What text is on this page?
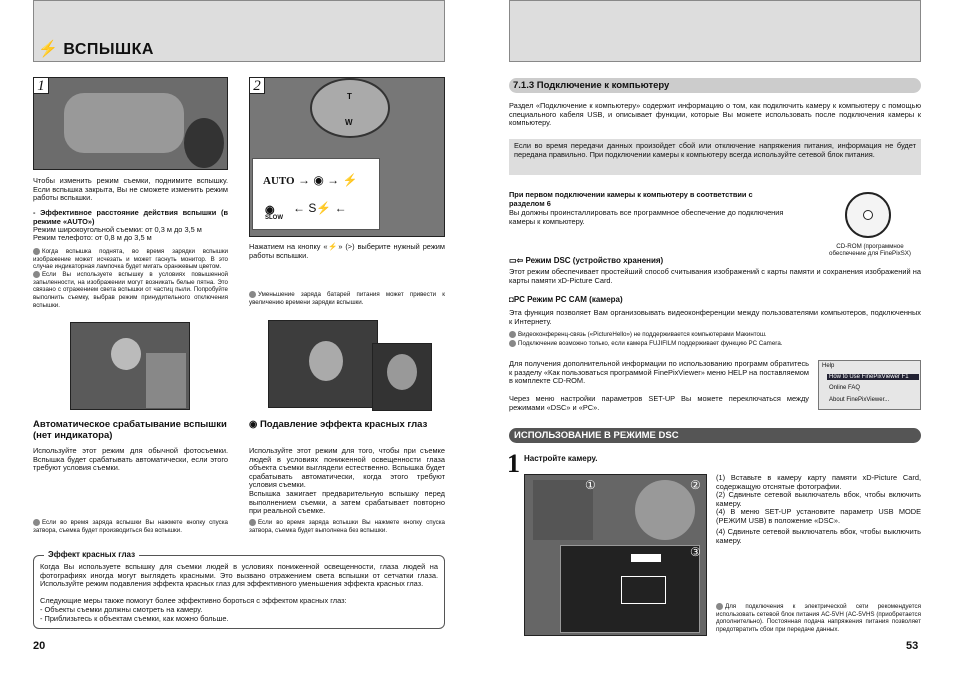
⚡ ВСПЫШКА
1
Чтобы изменить режим съемки, поднимите вспышку. Если вспышка закрыта, Вы не сможете изменить режим работы вспышки.
- Эффективное расстояние действия вспышки (в режиме «AUTO»)
Режим широкоугольной съемки: от 0,3 м до 3,5 м
Режим телефото: от 0,8 м до 3,5 м
Когда вспышка поднята, во время зарядки вспышки изображение может исчезать и может гаснуть монитор. В это случае индикаторная лампочка будет мигать оранжевым цветом.
Если Вы используете вспышку в условиях повышенной запыленности, на изображении могут возникать белые пятна. Это связано с отражением света вспышки от частиц пыли. Попробуйте выполнить съемку, выбрав режим принудительного отключения вспышки.
T
W
AUTO → ◉ → ⚡
◉
SLOW
← S⚡ ←
2
Нажатием на кнопку «⚡» (>) выберите нужный режим работы вспышки.
Уменьшение заряда батарей питания может привести к увеличению времени зарядки вспышки.
Автоматическое срабатывание вспышки (нет индикатора)
Используйте этот режим для обычной фотосъемки. Вспышка будет срабатывать автоматически, если этого требуют условия съемки.
Если во время заряда вспышки Вы нажмете кнопку спуска затвора, съемка будет производиться без вспышки.
◉ Подавление эффекта красных глаз
Используйте этот режим для того, чтобы при съемке людей в условиях пониженной освещенности глаза объекта съемки выглядели естественно. Вспышка будет срабатывать автоматически, когда этого требуют условия съемки.
Вспышка зажигает предварительную вспышку перед выполнением съемки, а затем срабатывает повторно при реальной съемке.
Если во время заряда вспышки Вы нажмете кнопку спуска затвора, съемка будет выполнена без вспышки.
Эффект красных глаз
Когда Вы используете вспышку для съемки людей в условиях пониженной освещенности, глаза людей на фотографиях иногда могут выглядеть красными. Это вызвано отражением света вспышки от сетчатки глаза. Используйте режим подавления эффекта красных глаз для эффективного уменьшения эффекта красных глаз.
Следующие меры также помогут более эффективно бороться с эффектом красных глаз:
- Объекты съемки должны смотреть на камеру.
- Приблизьтесь к объектам съемки, как можно больше.
20
7.1.3 Подключение к компьютеру
Раздел «Подключение к компьютеру» содержит информацию о том, как подключить камеру к компьютеру с помощью специального кабеля USB, и описывает функции, которые Вы можете использовать после подключения камеры к компьютеру.
Если во время передачи данных произойдет сбой или отключение напряжения питания, информация не будет передана правильно. При подключении камеры к компьютеру всегда используйте сетевой блок питания.
При первом подключении камеры к компьютеру в соответствии с разделом 6
Вы должны проинсталлировать все программное обеспечение до подключения камеры к компьютеру.
CD-ROM (программное обеспечение для FinePixSX)
▭⇦ Режим DSC (устройство хранения)
Этот режим обеспечивает простейший способ считывания изображений с карты памяти и сохранения изображений на карты памяти xD-Picture Card.
◘PC Режим PC CAM (камера)
Эта функция позволяет Вам организовывать видеоконференции между пользователями компьютеров, подключенных к Интернету.
Видеоконференц-связь («PictureHello») не поддерживается компьютерами Макинтош.
Подключение возможно только, если камера FUJIFILM поддерживает функцию PC Camera.
Для получения дополнительной информации по использованию программ обратитесь к разделу «Как пользоваться программой FinePixViewer» меню HELP на поставляемом в комплекте CD-ROM.
Через меню настройки параметров SET-UP Вы можете переключаться между режимами «DSC» и «PC».
Help
How to Use FinePixViewer F1
Online FAQ
About FinePixViewer...
ИСПОЛЬЗОВАНИЕ В РЕЖИМЕ DSC
1 Настройте камеру.
①	②
③
(1) Вставьте в камеру карту памяти xD-Picture Card, содержащую отснятые фотографии.
(2) Сдвиньте сетевой выключатель вбок, чтобы включить камеру.
(4) В меню SET-UP установите параметр USB MODE (РЕЖИМ USB) в положение «DSC».
(4) Сдвиньте сетевой выключатель вбок, чтобы выключить камеру.
Для подключения к электрической сети рекомендуется использовать сетевой блок питания AC-5VH (AC-5VHS (приобретается дополнительно). Постоянная подача напряжения питания позволяет предотвратить сбои при передаче данных.
53
